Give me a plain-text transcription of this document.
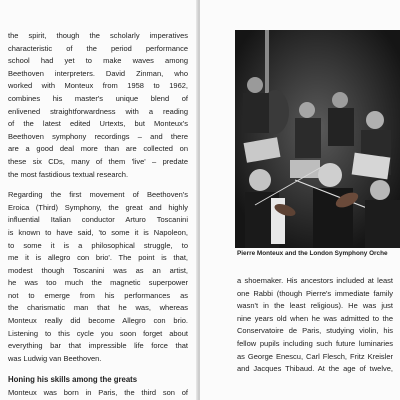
the spirit, though the scholarly imperatives
characteristic of the period performance
school had yet to make waves among
Beethoven interpreters. David Zinman, who
worked with Monteux from 1958 to 1962,
combines his master's unique blend of
enlivened straightforwardness with a reading
of the latest edited Urtexts, but Monteux's
Beethoven symphony recordings – and there
are a good deal more than are collected on
these six CDs, many of them 'live' – predate
the most fastidious textual research.
Regarding the first movement of Beethoven's
Eroica (Third) Symphony, the great and highly
influential Italian conductor Arturo Toscanini
is known to have said, 'to some it is Napoleon,
to some it is a philosophical struggle, to
me it is allegro con brio'. The point is that,
modest though Toscanini was as an artist,
he was too much the magnetic superpower
not to emerge from his performances as
the charismatic man that he was, whereas
Monteux really did become Allegro con brio.
Listening to this cycle you soon forget about
everything bar that impressible life force that
was Ludwig van Beethoven.
Honing his skills among the greats
Monteux was born in Paris, the third son of
Pierre Monteux and the London Symphony Orche
a shoemaker. His ancestors included at least
one Rabbi (though Pierre's immediate family
wasn't in the least religious). He was just
nine years old when he was admitted to the
Conservatoire de Paris, studying violin, his
fellow pupils including such future luminaries
as George Enescu, Carl Flesch, Fritz Kreisler
and Jacques Thibaud. At the age of twelve,
